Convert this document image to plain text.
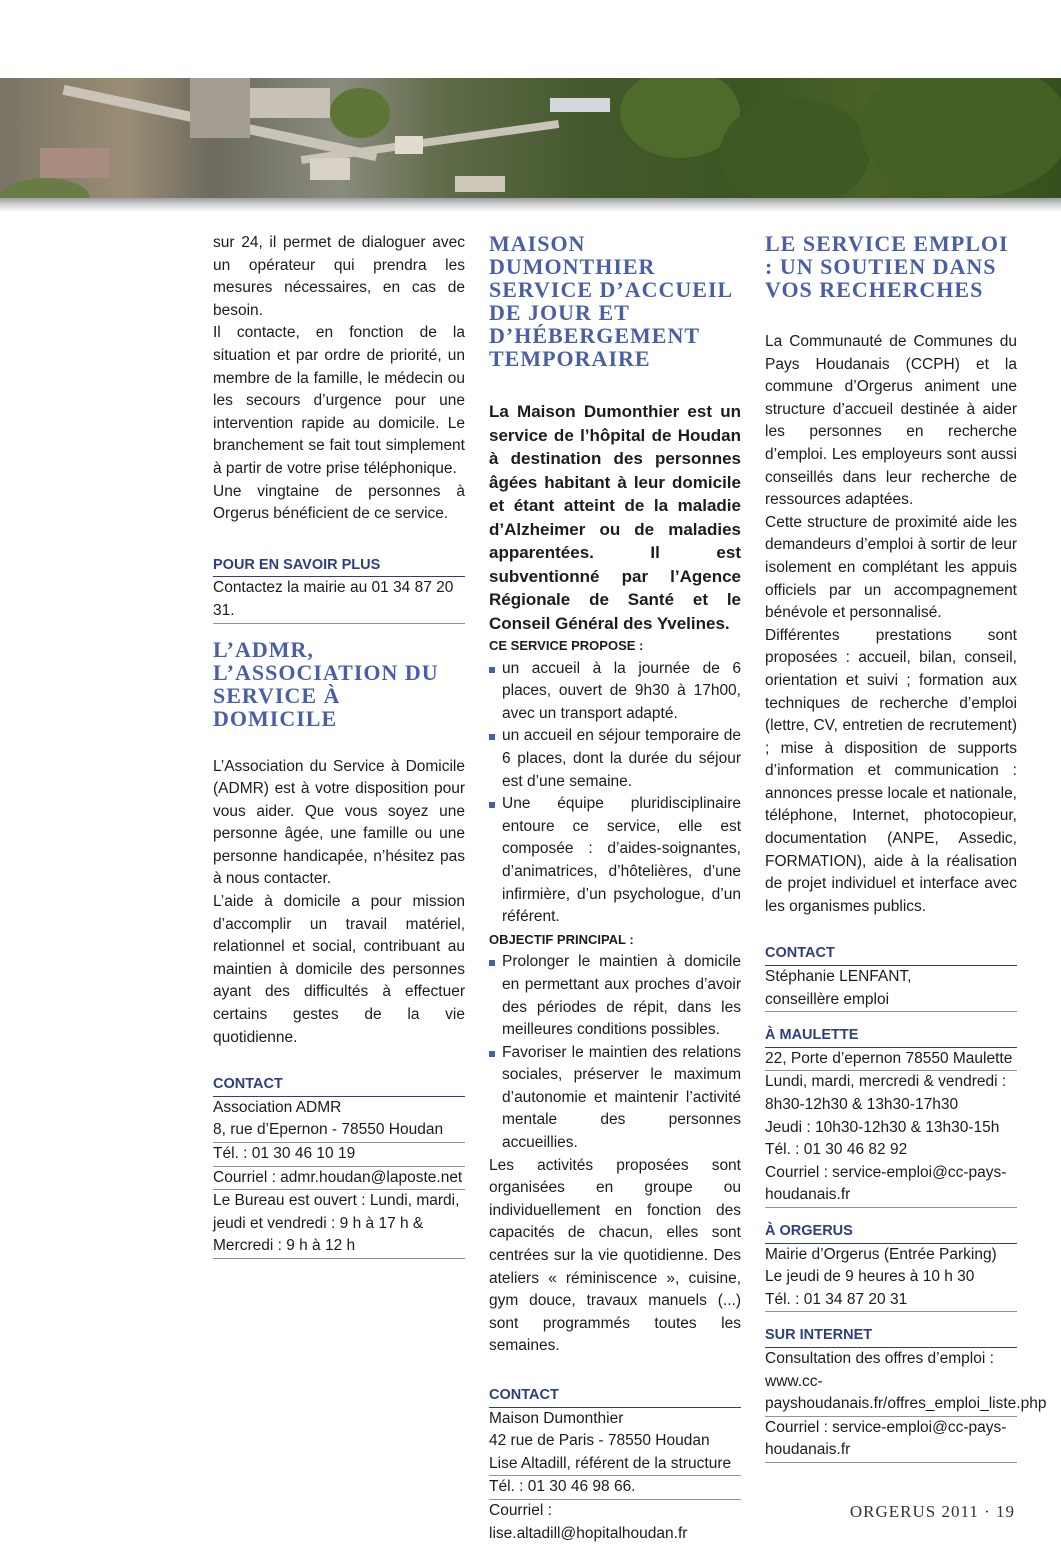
sur 24, il permet de dialoguer avec un opérateur qui prendra les mesures nécessaires, en cas de besoin.

Il contacte, en fonction de la situation et par ordre de priorité, un membre de la famille, le médecin ou les secours d’urgence pour une intervention rapide au domicile. Le branchement se fait tout simplement à partir de votre prise téléphonique.

Une vingtaine de personnes à Orgerus bénéficient de ce service.

POUR EN SAVOIR PLUS

Contactez la mairie au 01 34 87 20 31.

L’ADMR, L’ASSOCIATION DU SERVICE À DOMICILE

L’Association du Service à Domicile (ADMR) est à votre disposition pour vous aider. Que vous soyez une personne âgée, une famille ou une personne handicapée, n’hésitez pas à nous contacter.

L’aide à domicile a pour mission d’accomplir un travail matériel, relationnel et social, contribuant au maintien à domicile des personnes ayant des difficultés à effectuer certains gestes de la vie quotidienne.

CONTACT

Association ADMR

8, rue d’Epernon - 78550 Houdan

Tél. : 01 30 46 10 19

Courriel : admr.houdan@laposte.net

Le Bureau est ouvert : Lundi, mardi, jeudi et vendredi : 9 h à 17 h & Mercredi : 9 h à 12 h

MAISON DUMONTHIER SERVICE D’ACCUEIL DE JOUR ET D’HÉBERGEMENT TEMPORAIRE

La Maison Dumonthier est un service de l’hôpital de Houdan à destination des personnes âgées habitant à leur domicile et étant atteint de la maladie d’Alzheimer ou de maladies apparentées. Il est subventionné par l’Agence Régionale de Santé et le Conseil Général des Yvelines.

CE SERVICE PROPOSE :

un accueil à la journée de 6 places, ouvert de 9h30 à 17h00, avec un transport adapté.

un accueil en séjour temporaire de 6 places, dont la durée du séjour est d’une semaine.

Une équipe pluridisciplinaire entoure ce service, elle est composée : d’aides-soignantes, d’animatrices, d’hôtelières, d’une infirmière, d’un psychologue, d’un référent.

OBJECTIF PRINCIPAL :

Prolonger le maintien à domicile en permettant aux proches d’avoir des périodes de répit, dans les meilleures conditions possibles.

Favoriser le maintien des relations sociales, préserver le maximum d’autonomie et maintenir l’activité mentale des personnes accueillies.

Les activités proposées sont organisées en groupe ou individuellement en fonction des capacités de chacun, elles sont centrées sur la vie quotidienne. Des ateliers « réminiscence », cuisine, gym douce, travaux manuels (...) sont programmés toutes les semaines.

CONTACT

Maison Dumonthier

42 rue de Paris - 78550 Houdan

Lise Altadill, référent de la structure

Tél. : 01 30 46 98 66.

Courriel :

lise.altadill@hopitalhoudan.fr

LE SERVICE EMPLOI : UN SOUTIEN DANS VOS RECHERCHES

La Communauté de Communes du Pays Houdanais (CCPH) et la commune d’Orgerus animent une structure d’accueil destinée à aider les personnes en recherche d’emploi. Les employeurs sont aussi conseillés dans leur recherche de ressources adaptées.

Cette structure de proximité aide les demandeurs d’emploi à sortir de leur isolement en complétant les appuis officiels par un accompagnement bénévole et personnalisé.

Différentes prestations sont proposées : accueil, bilan, conseil, orientation et suivi ; formation aux techniques de recherche d’emploi (lettre, CV, entretien de recrutement) ; mise à disposition de supports d’information et communication : annonces presse locale et nationale, téléphone, Internet, photocopieur, documentation (ANPE, Assedic, FORMATION), aide à la réalisation de projet individuel et interface avec les organismes publics.

CONTACT

Stéphanie LENFANT,

conseillère emploi

À MAULETTE

22, Porte d’epernon 78550 Maulette

Lundi, mardi, mercredi & vendredi : 8h30-12h30 & 13h30-17h30

Jeudi : 10h30-12h30 & 13h30-15h

Tél. : 01 30 46 82 92

Courriel : service-emploi@cc-pays-houdanais.fr

À ORGERUS

Mairie d’Orgerus (Entrée Parking)

Le jeudi de 9 heures à 10 h 30

Tél. : 01 34 87 20 31

SUR INTERNET

Consultation des offres d’emploi :

www.cc-payshoudanais.fr/offres_emploi_liste.php

Courriel : service-emploi@cc-pays-houdanais.fr

ORGERUS 2011 · 19
